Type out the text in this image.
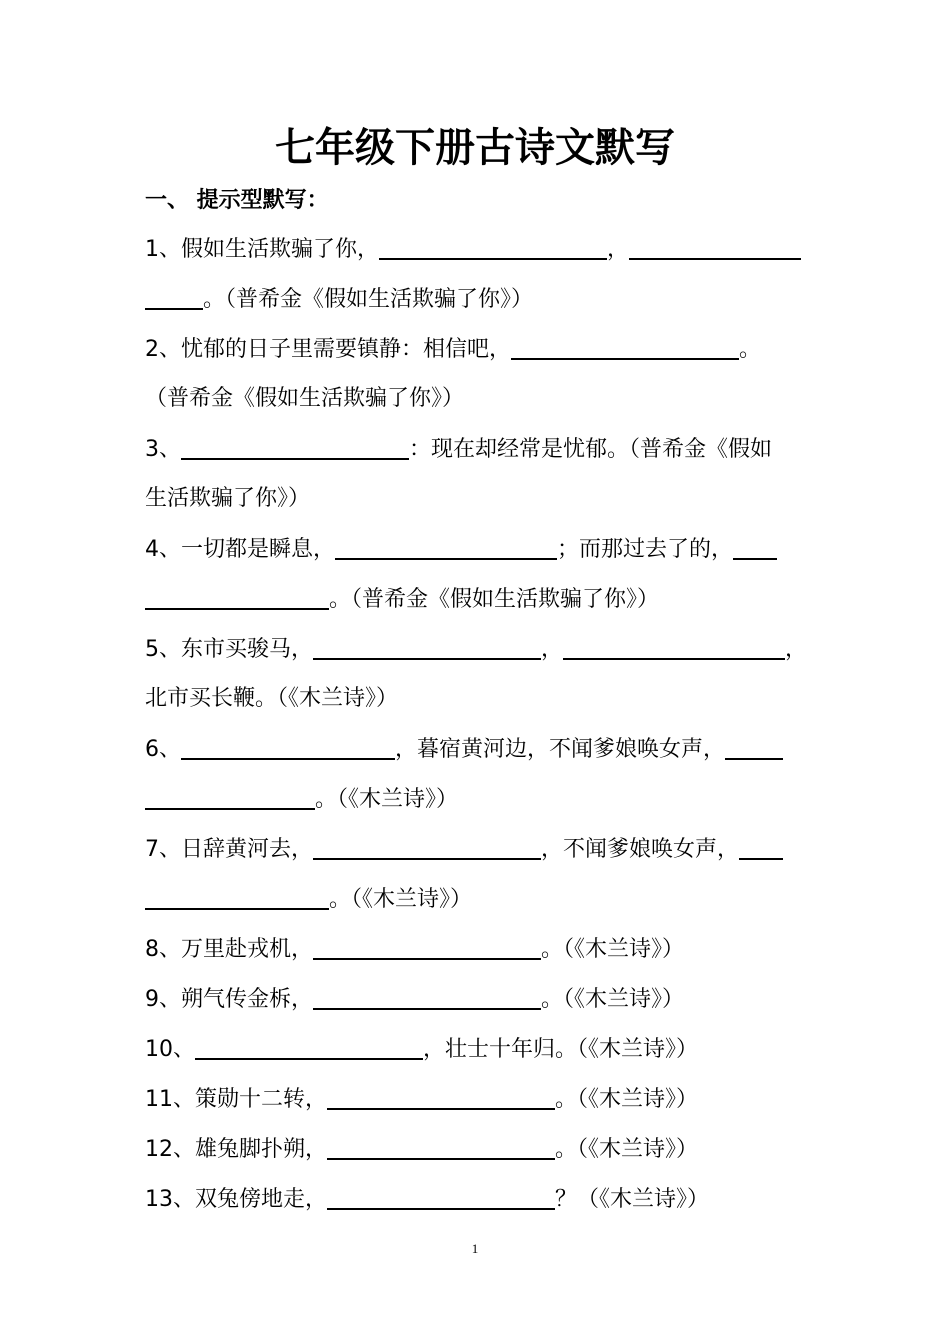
七年级下册古诗文默写
一、 提示型默写：
1、假如生活欺骗了你，	，
。（普希金《假如生活欺骗了你》）
2、忧郁的日子里需要镇静：相信吧，	。
（普希金《假如生活欺骗了你》）
3、	：现在却经常是忧郁。（普希金《假如
生活欺骗了你》）
4、一切都是瞬息，	；而那过去了的，
。（普希金《假如生活欺骗了你》）
5、东市买骏马，	，	，
北市买长鞭。（《木兰诗》）
6、	，暮宿黄河边，不闻爹娘唤女声，
。（《木兰诗》）
7、日辞黄河去，	，不闻爹娘唤女声，
。（《木兰诗》）
8、万里赴戎机，	。（《木兰诗》）
9、朔气传金柝，	。（《木兰诗》）
10、	，壮士十年归。（《木兰诗》）
11、策勋十二转，	。（《木兰诗》）
12、雄兔脚扑朔，	。（《木兰诗》）
13、双兔傍地走，	？（《木兰诗》）
1
